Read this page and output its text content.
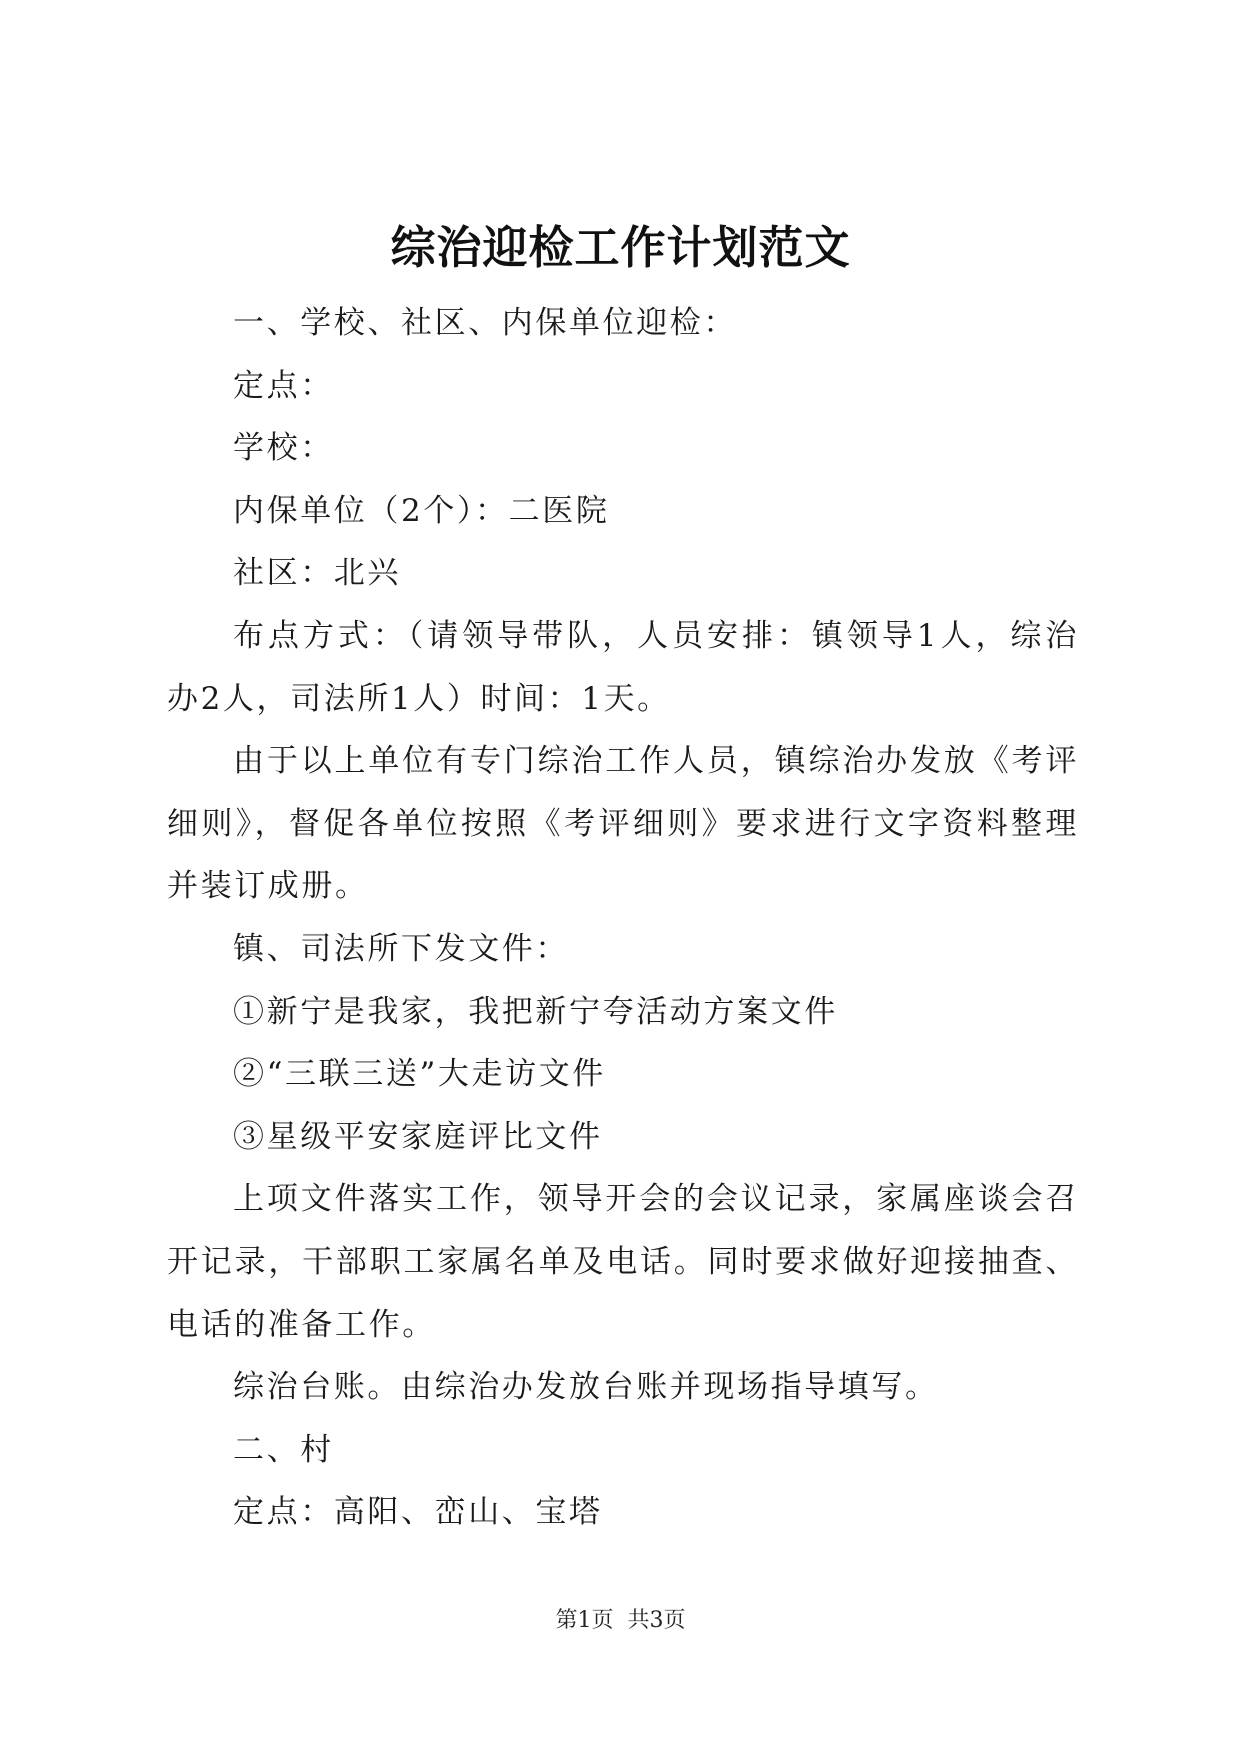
综治迎检工作计划范文

一、学校、社区、内保单位迎检：

定点：

学校：

内保单位（2个）：二医院

社区：北兴

布点方式：（请领导带队，人员安排：镇领导1人，综治办2人，司法所1人）时间：1天。

由于以上单位有专门综治工作人员，镇综治办发放《考评细则》，督促各单位按照《考评细则》要求进行文字资料整理并装订成册。

镇、司法所下发文件：

①新宁是我家，我把新宁夸活动方案文件

②“三联三送”大走访文件

③星级平安家庭评比文件

上项文件落实工作，领导开会的会议记录，家属座谈会召开记录，干部职工家属名单及电话。同时要求做好迎接抽查、电话的准备工作。

综治台账。由综治办发放台账并现场指导填写。

二、村

定点：高阳、峦山、宝塔

第1页  共3页
